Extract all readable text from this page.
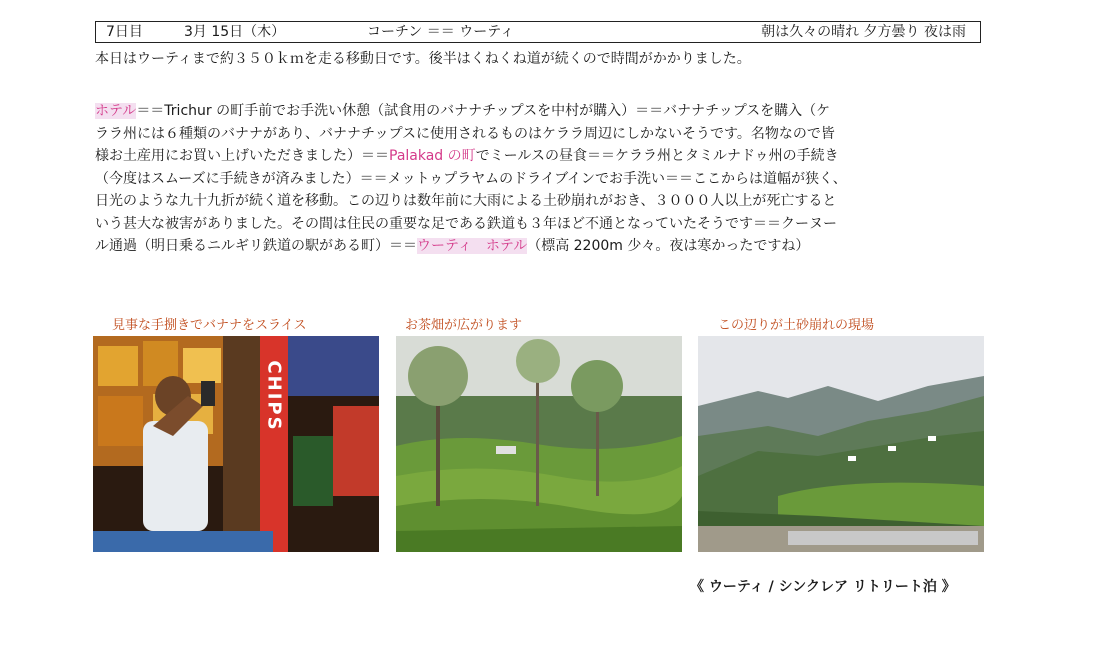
7日目	3月 15日（木）	コーチン ＝＝ ウーティ	朝は久々の晴れ 夕方曇り 夜は雨
本日はウーティまで約３５０ｋｍを走る移動日です。後半はくねくね道が続くので時間がかかりました。
ホテル＝＝Trichur の町手前でお手洗い休憩（試食用のバナナチップスを中村が購入）＝＝バナナチップスを購入（ケ
ララ州には６種類のバナナがあり、バナナチップスに使用されるものはケララ周辺にしかないそうです。名物なので皆
様お土産用にお買い上げいただきました）＝＝Palakad の町でミールスの昼食＝＝ケララ州とタミルナドゥ州の手続き
（今度はスムーズに手続きが済みました）＝＝メットゥプラヤムのドライブインでお手洗い＝＝ここからは道幅が狭く、
日光のような九十九折が続く道を移動。この辺りは数年前に大雨による土砂崩れがおき、３０００人以上が死亡すると
いう甚大な被害がありました。その間は住民の重要な足である鉄道も３年ほど不通となっていたそうです＝＝クーヌー
ル通過（明日乗るニルギリ鉄道の駅がある町）＝＝ウーティ　 ホテル（標高 2200m 少々。夜は寒かったですね）
見事な手捌きでバナナをスライス	お茶畑が広がります	この辺りが土砂崩れの現場
CHIPS
《 ウーティ / シンクレア リトリート泊 》
